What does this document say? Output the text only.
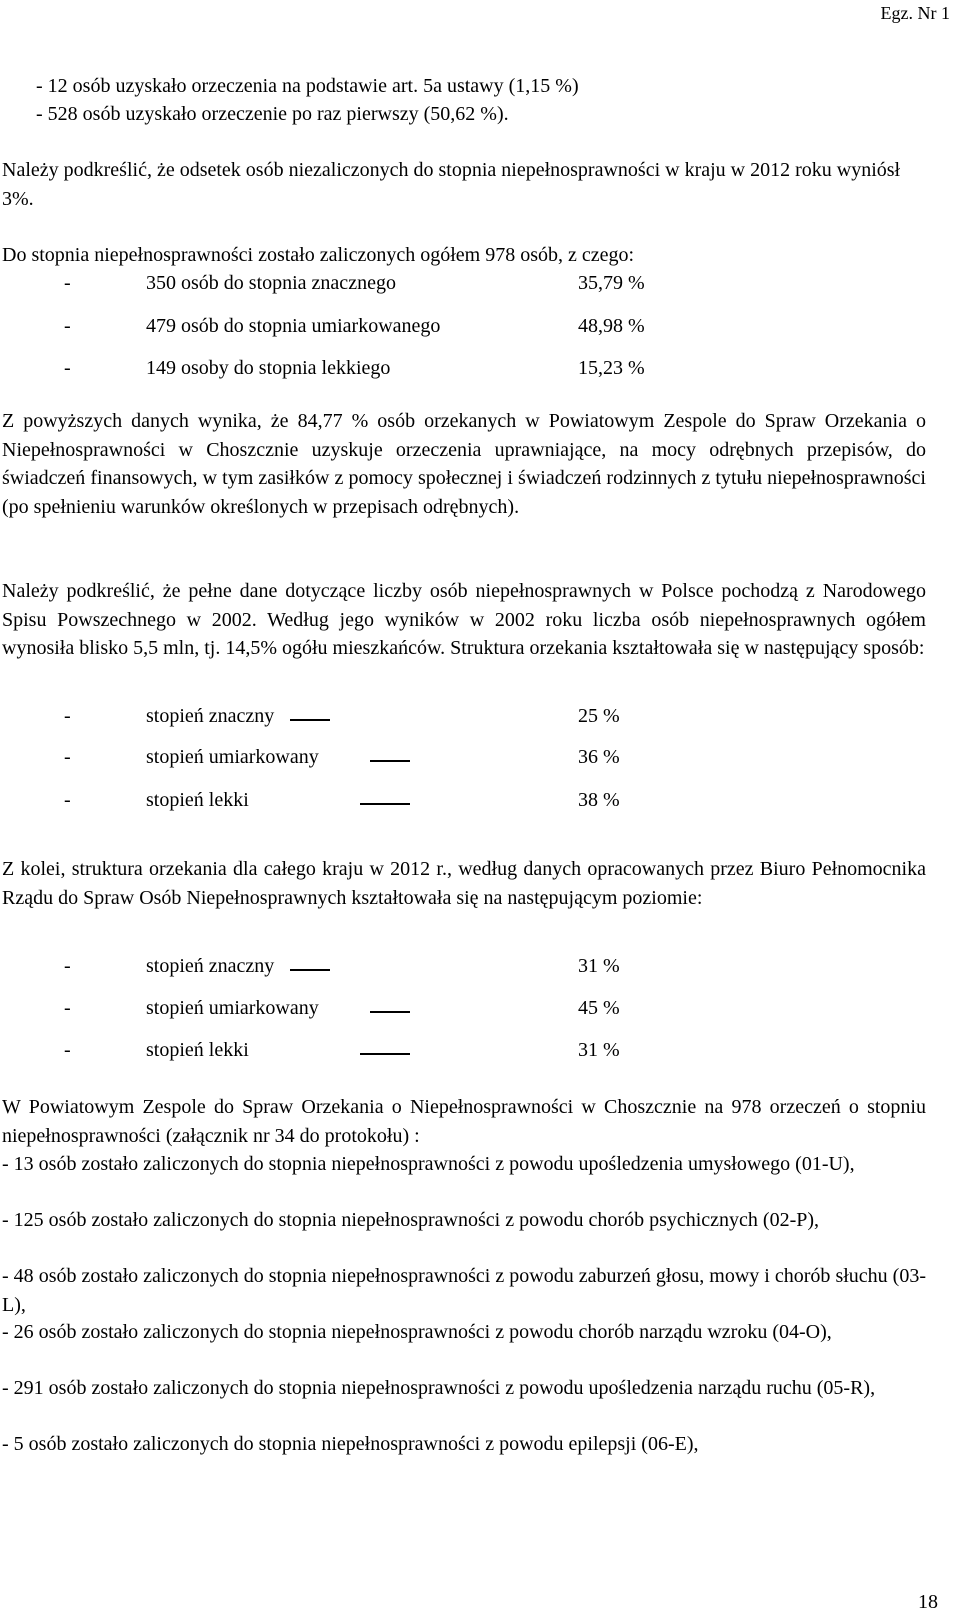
Egz. Nr 1
- 12 osób uzyskało orzeczenia na podstawie art. 5a ustawy (1,15 %)
- 528 osób uzyskało orzeczenie po raz pierwszy (50,62 %).
Należy podkreślić, że odsetek osób niezaliczonych do stopnia niepełnosprawności w kraju w 2012 roku wyniósł 3%.
Do stopnia niepełnosprawności zostało zaliczonych ogółem 978 osób, z czego:
-	350 osób do stopnia znacznego	35,79 %
-	479 osób do stopnia umiarkowanego	48,98 %
-	149 osoby do stopnia lekkiego	15,23 %
Z powyższych danych wynika, że 84,77 % osób orzekanych w Powiatowym Zespole do Spraw Orzekania o Niepełnosprawności w Choszcznie uzyskuje orzeczenia uprawniające, na mocy odrębnych przepisów, do świadczeń finansowych, w tym zasiłków z pomocy społecznej i świadczeń rodzinnych z tytułu niepełnosprawności (po spełnieniu warunków określonych w przepisach odrębnych).
Należy podkreślić, że pełne dane dotyczące liczby osób niepełnosprawnych w Polsce pochodzą z Narodowego Spisu Powszechnego w 2002. Według jego wyników w 2002 roku liczba osób niepełnosprawnych ogółem wynosiła blisko 5,5 mln, tj. 14,5% ogółu mieszkańców. Struktura orzekania kształtowała się w następujący sposób:
-	stopień znaczny	25 %
-	stopień umiarkowany	36 %
-	stopień lekki	38 %
Z kolei, struktura orzekania dla całego kraju w 2012 r., według danych opracowanych przez Biuro Pełnomocnika Rządu do Spraw Osób Niepełnosprawnych kształtowała się na następującym poziomie:
-	stopień znaczny	31 %
-	stopień umiarkowany	45 %
-	stopień lekki	31 %
W Powiatowym Zespole do Spraw Orzekania o Niepełnosprawności w Choszcznie na 978 orzeczeń o stopniu niepełnosprawności (załącznik nr 34 do protokołu) :
- 13 osób zostało zaliczonych do stopnia niepełnosprawności z powodu upośledzenia umysłowego (01-U),
- 125 osób zostało zaliczonych do stopnia niepełnosprawności z powodu chorób psychicznych (02-P),
- 48 osób zostało zaliczonych do stopnia niepełnosprawności z powodu zaburzeń głosu, mowy i chorób słuchu (03-L),
- 26 osób zostało zaliczonych do stopnia niepełnosprawności z powodu chorób narządu wzroku (04-O),
- 291 osób zostało zaliczonych do stopnia niepełnosprawności z powodu upośledzenia narządu ruchu (05-R),
- 5 osób zostało zaliczonych do stopnia niepełnosprawności z powodu epilepsji (06-E),
18
